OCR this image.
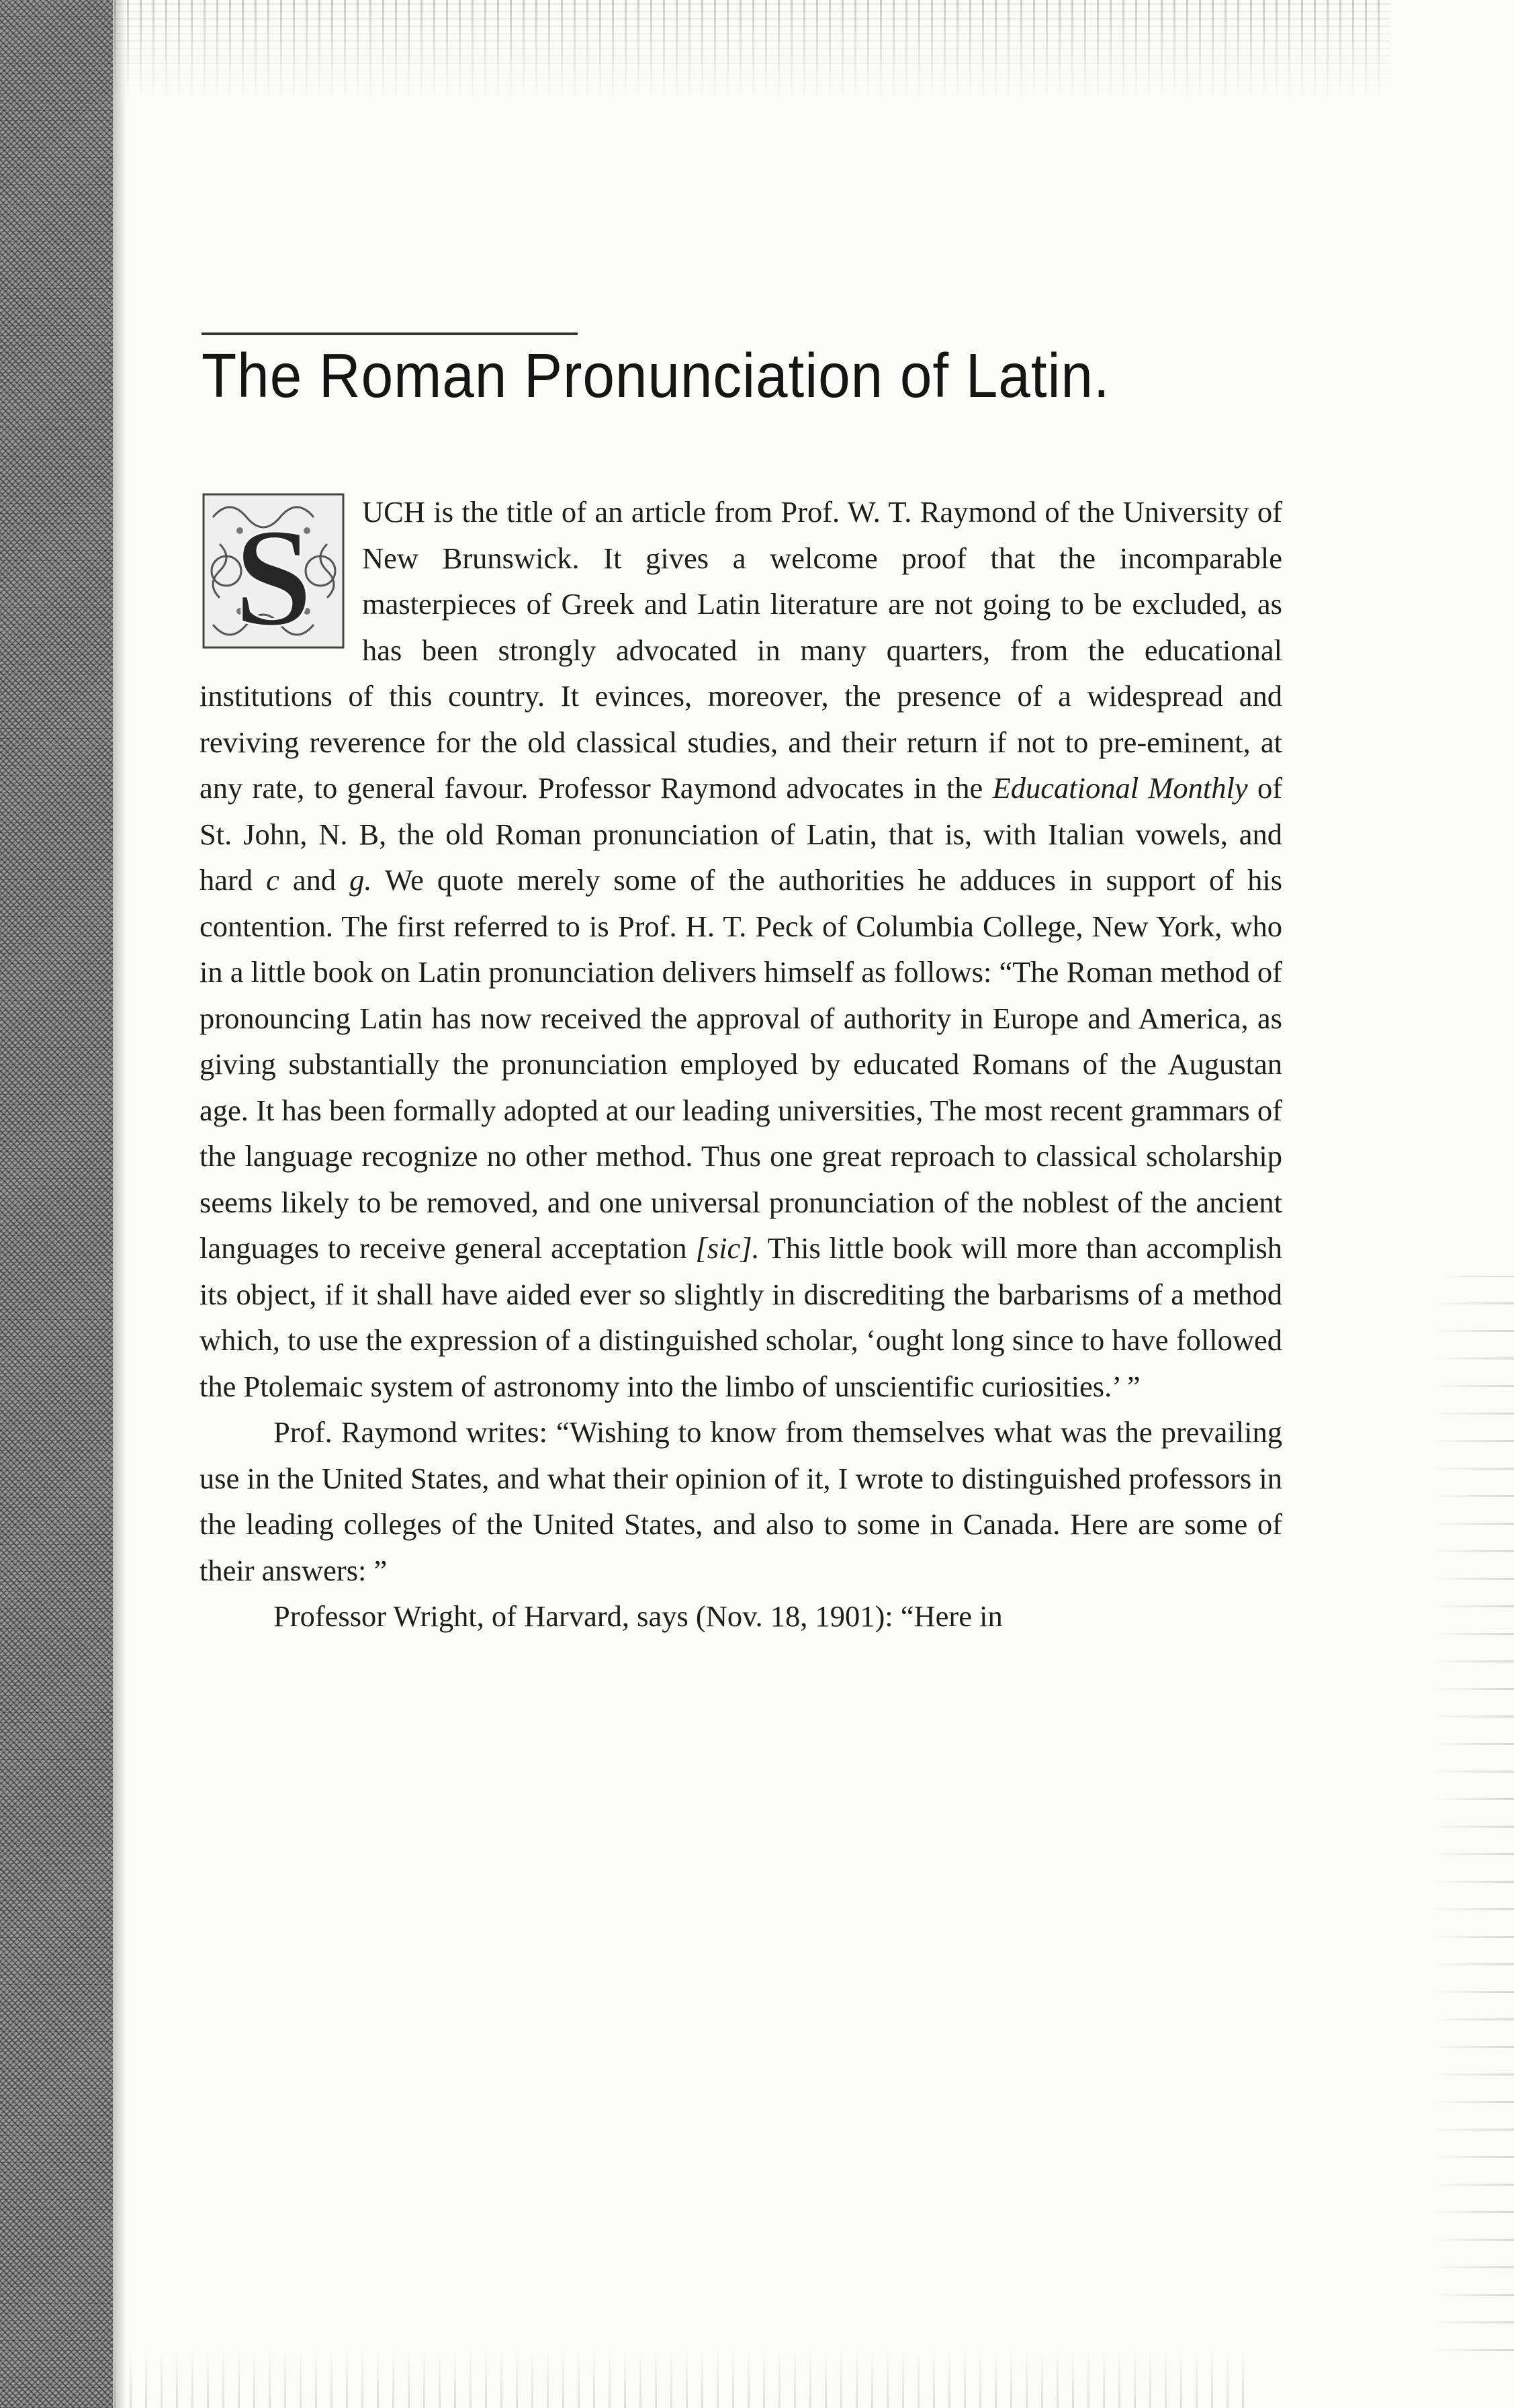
The Roman Pronunciation of Latin.

S UCH is the title of an article from Prof. W. T. Raymond of the University of New Brunswick. It gives a welcome proof that the incomparable masterpieces of Greek and Latin literature are not going to be excluded, as has been strongly advocated in many quarters, from the educational institutions of this country. It evinces, moreover, the presence of a widespread and reviving reverence for the old classical studies, and their return if not to pre-eminent, at any rate, to general favour. Professor Raymond advocates in the Educational Monthly of St. John, N. B, the old Roman pronunciation of Latin, that is, with Italian vowels, and hard c and g. We quote merely some of the authorities he adduces in support of his contention. The first referred to is Prof. H. T. Peck of Columbia College, New York, who in a little book on Latin pronunciation delivers himself as follows: “The Roman method of pronouncing Latin has now received the approval of authority in Europe and America, as giving substantially the pronunciation employed by educated Romans of the Augustan age. It has been formally adopted at our leading universities, The most recent grammars of the language recognize no other method. Thus one great reproach to classical scholarship seems likely to be removed, and one universal pronunciation of the noblest of the ancient languages to receive general acceptation [sic]. This little book will more than accomplish its object, if it shall have aided ever so slightly in discrediting the barbarisms of a method which, to use the expression of a distinguished scholar, ‘ought long since to have followed the Ptolemaic system of astronomy into the limbo of unscientific curiosities.’ ”

Prof. Raymond writes: “Wishing to know from themselves what was the prevailing use in the United States, and what their opinion of it, I wrote to distinguished professors in the leading colleges of the United States, and also to some in Canada. Here are some of their answers: ”

Professor Wright, of Harvard, says (Nov. 18, 1901): “Here in
